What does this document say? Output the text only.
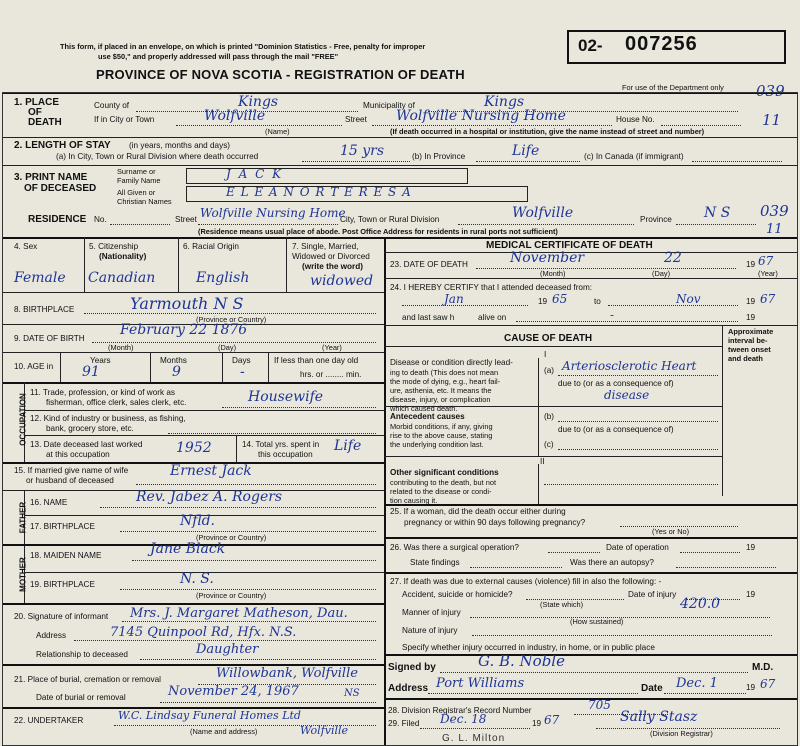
This form, if placed in an envelope, on which is printed "Dominion Statistics - Free, penalty for improper
use $50," and properly addressed will pass through the mail "FREE"
PROVINCE OF NOVA SCOTIA - REGISTRATION OF DEATH
02- 007256
For use of the Department only 039
1. PLACE
OF
DEATH
County of	Kings	Municipality of	Kings
If in City or Town	Wolfville
(Name)
Street Wolfville Nursing Home	House No.	11
(If death occurred in a hospital or institution, give the name instead of street and number)
2. LENGTH OF STAY (in years, months and days)
(a) In City, Town or Rural Division where death occurred	15 yrs	(b) In Province	Life	(c) In Canada (if immigrant)
3. PRINT NAME
OF DECEASED
Surname or
Family Name	J A C K
All Given or
Christian Names
E L E A N O R T E R E S A
RESIDENCE No.	Street Wolfville Nursing Home
City, Town or Rural Division	Wolfville	Province N S 039
(Residence means usual place of abode. Post Office Address for residents in rural ports not sufficient)	11
4. Sex
Female
5. Citizenship
(Nationality)
Canadian
6. Racial Origin
English
7. Single, Married,
Widowed or Divorced
(write the word)
widowed
8. BIRTHPLACE	Yarmouth N S
(Province or Country)
9. DATE OF BIRTH
February 22 1876
(Month)	(Day)	(Year)
10. AGE in
Years
91
Months
9
Days
-
If less than one day old
hrs. or ........ min.
OCCUPATION
11. Trade, profession, or kind of work as
fisherman, office clerk, sales clerk, etc.	Housewife
12. Kind of industry or business, as fishing,
bank, grocery store, etc.
13. Date deceased last worked
at this occupation	1952	14. Total yrs. spent in
this occupation
Life
15. If married give name of wife
or husband of deceased
Ernest Jack
FATHER 16. NAME	Rev. Jabez A. Rogers
17. BIRTHPLACE	Nfld.
(Province or Country)
MOTHER
18. MAIDEN NAME	Jane Black
19. BIRTHPLACE	N. S.
(Province or Country)
20. Signature of informant Mrs. J. Margaret Matheson, Dau.
Address	7145 Quinpool Rd, Hfx. N.S.
Relationship to deceased	Daughter
21. Place of burial, cremation or removal	Willowbank, Wolfville
Date of burial or removal	November 24, 1967	NS
22. UNDERTAKER	W.C. Lindsay Funeral Homes Ltd
Wolfville
(Name and address)
MEDICAL CERTIFICATE OF DEATH
23. DATE OF DEATH	November	22	19 67
(Month)	(Day)	(Year)
24. I HEREBY CERTIFY that I attended deceased from:
Jan	19 65	to	Nov	19 67
and last saw h	alive on	-	19
CAUSE OF DEATH
Approximate
interval be-
tween onset
and death
I
Disease or condition directly lead-
ing to death (This does not mean
the mode of dying, e.g., heart fail-
ure, asthenia, etc. It means the
disease, injury, or complication
which caused death.
(a) Arteriosclerotic Heart
due to (or as a consequence of)
disease
Antecedent causes
Morbid conditions, if any, giving
rise to the above cause, stating
the underlying condition last.
(b)
due to (or as a consequence of)
(c)
II
Other significant conditions
contributing to the death, but not
related to the disease or condi-
tion causing it.
25. If a woman, did the death occur either during
pregnancy or within 90 days following pregnancy?
(Yes or No)
26. Was there a surgical operation?	Date of operation	19
State findings	Was there an autopsy?
27. If death was due to external causes (violence) fill in also the following: -
Accident, suicide or homicide?
(State which)
Date of injury	19
Manner of injury
420.0
(How sustained)
Nature of injury
Specify whether injury occurred in industry, in home, or in public place
Signed by	G. B. Noble	M.D.
Address Port Williams	Date Dec. 1	19 67
28. Division Registrar's Record Number	705
29. Filed Dec. 18	19 67	Sally Stasz
(Division Registrar)
G. L. Milton
